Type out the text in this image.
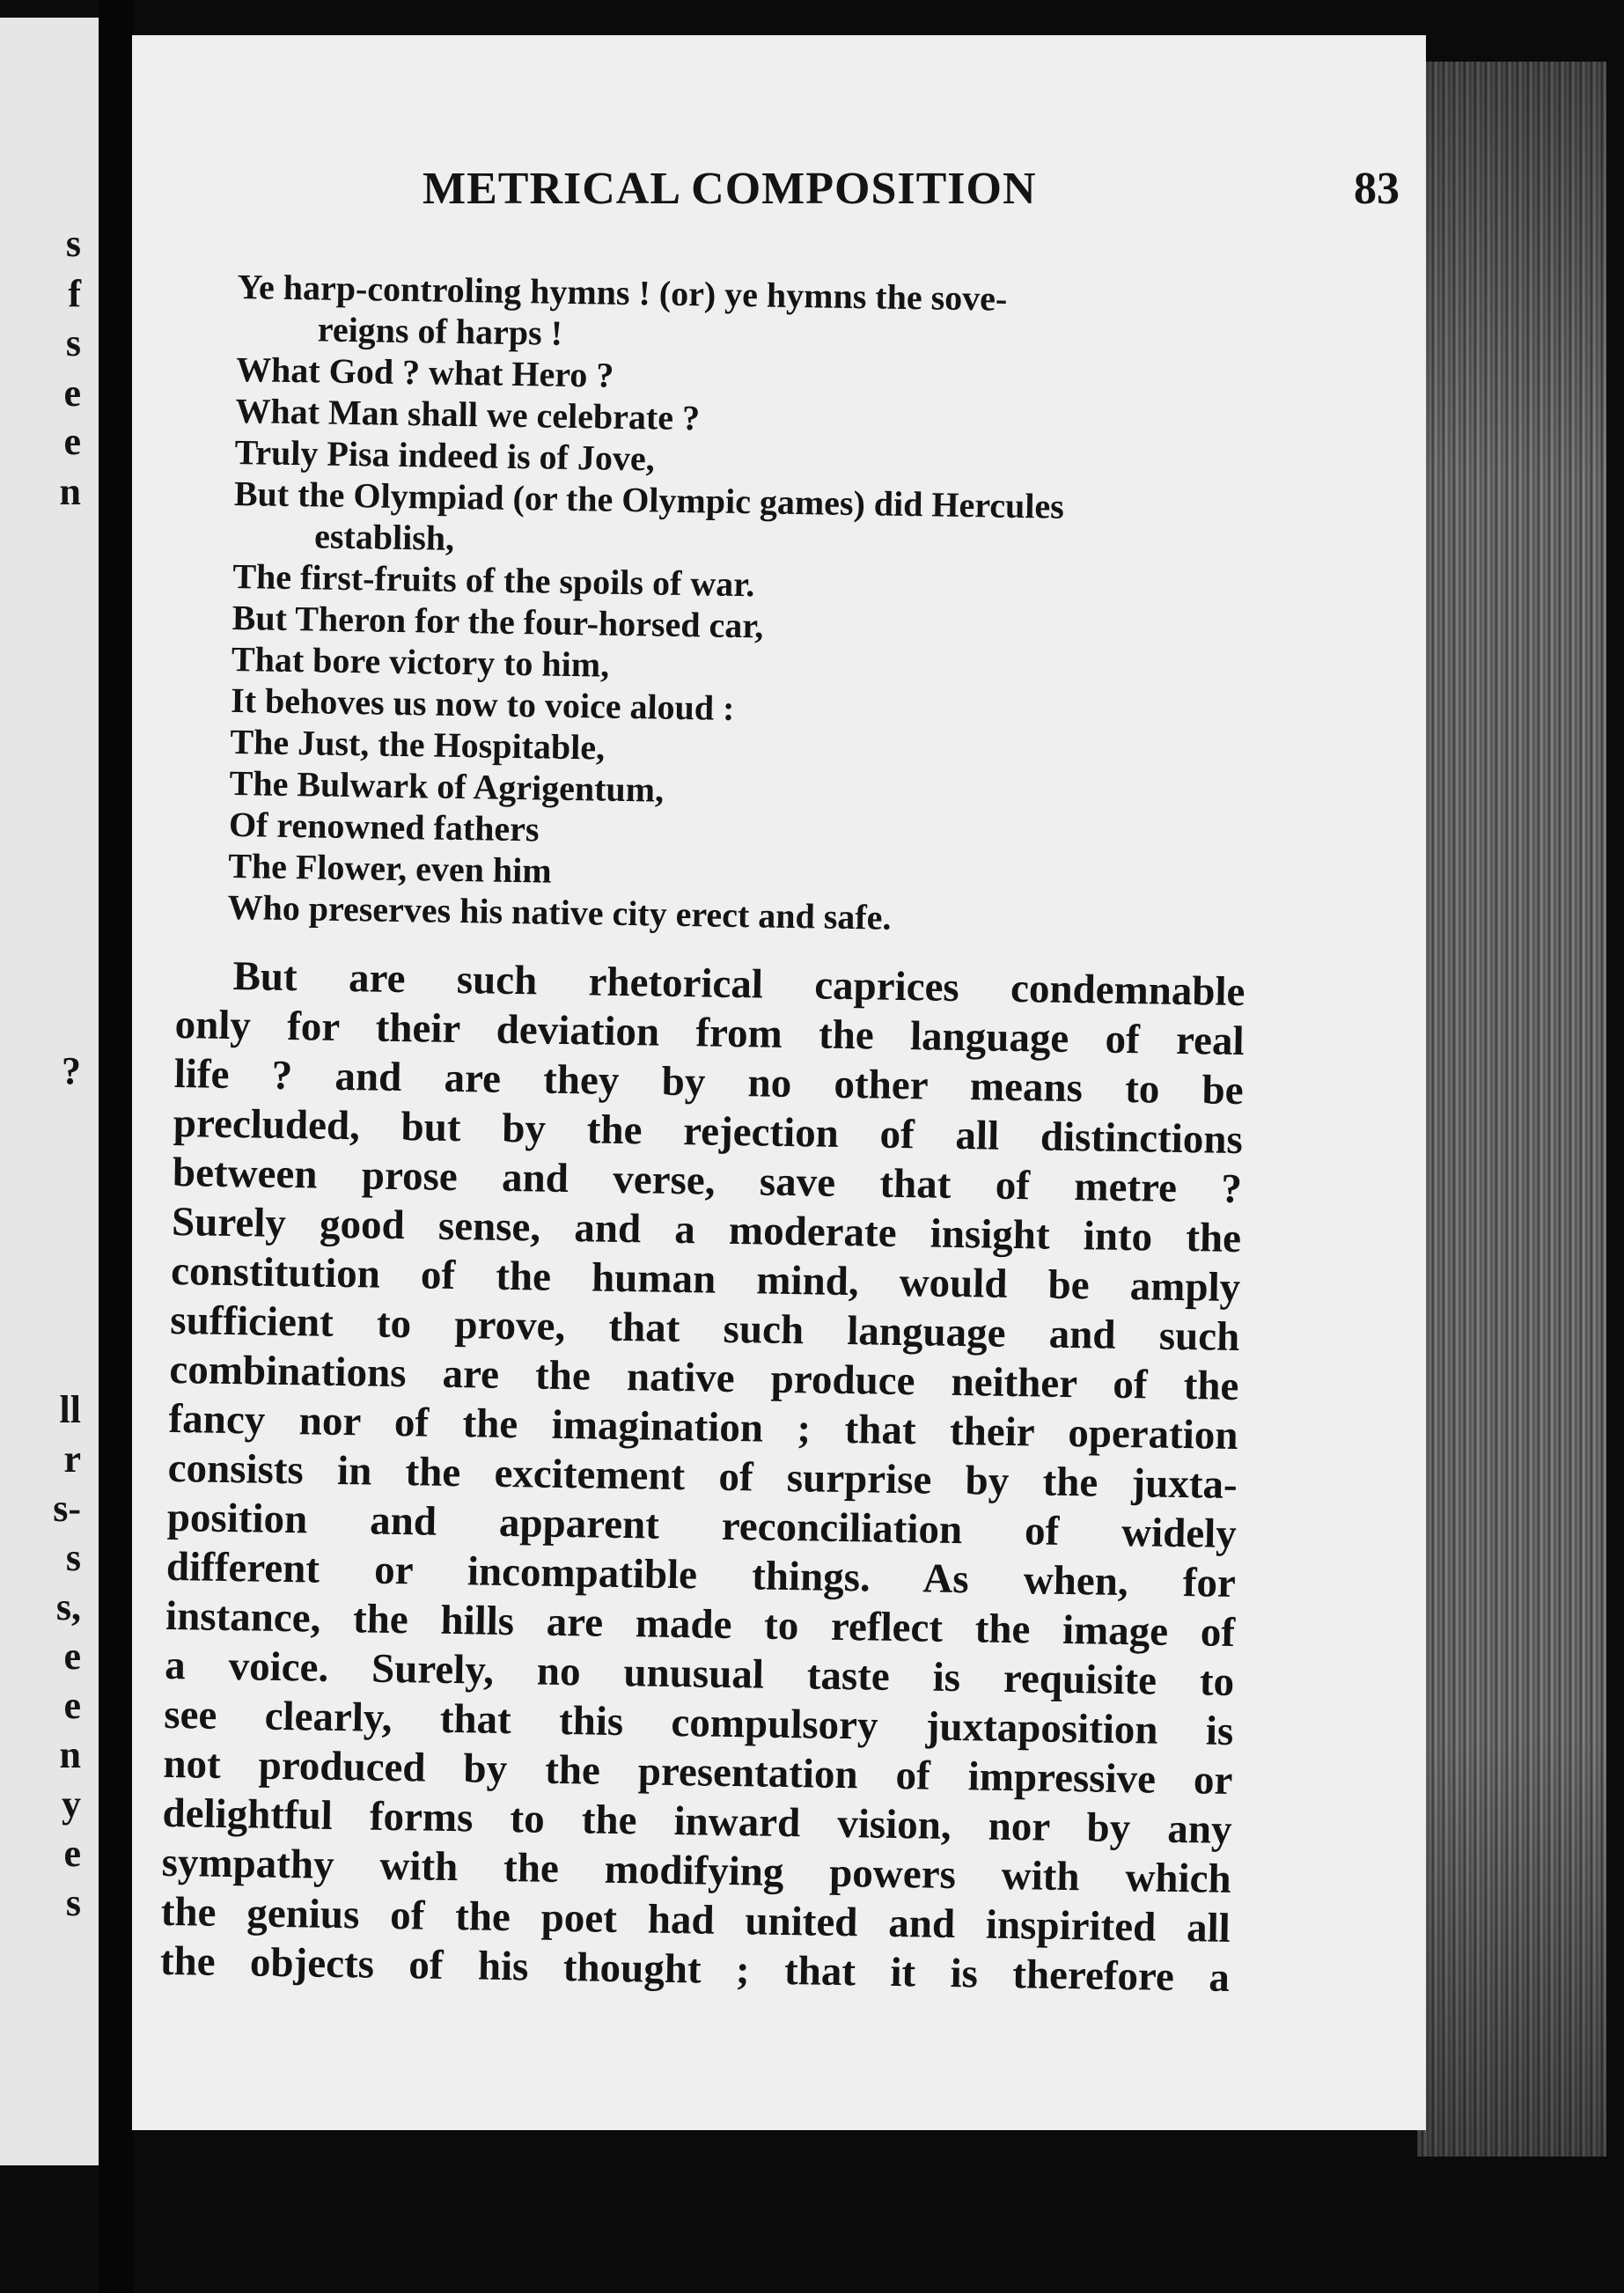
s
f
s
e
e
n
?
ll
r
s-
s
s,
e
e
n
y
e
s
METRICAL COMPOSITION	83
Ye harp-controling hymns ! (or) ye hymns the sove-
reigns of harps !
What God ? what Hero ?
What Man shall we celebrate ?
Truly Pisa indeed is of Jove,
But the Olympiad (or the Olympic games) did Hercules
establish,
The first-fruits of the spoils of war.
But Theron for the four-horsed car,
That bore victory to him,
It behoves us now to voice aloud :
The Just, the Hospitable,
The Bulwark of Agrigentum,
Of renowned fathers
The Flower, even him
Who preserves his native city erect and safe.
But are such rhetorical caprices condemnable
only for their deviation from the language of real
life ? and are they by no other means to be
precluded, but by the rejection of all distinctions
between prose and verse, save that of metre ?
Surely good sense, and a moderate insight into the
constitution of the human mind, would be amply
sufficient to prove, that such language and such
combinations are the native produce neither of the
fancy nor of the imagination ; that their operation
consists in the excitement of surprise by the juxta-
position and apparent reconciliation of widely
different or incompatible things. As when, for
instance, the hills are made to reflect the image of
a voice. Surely, no unusual taste is requisite to
see clearly, that this compulsory juxtaposition is
not produced by the presentation of impressive or
delightful forms to the inward vision, nor by any
sympathy with the modifying powers with which
the genius of the poet had united and inspirited all
the objects of his thought ; that it is therefore a
